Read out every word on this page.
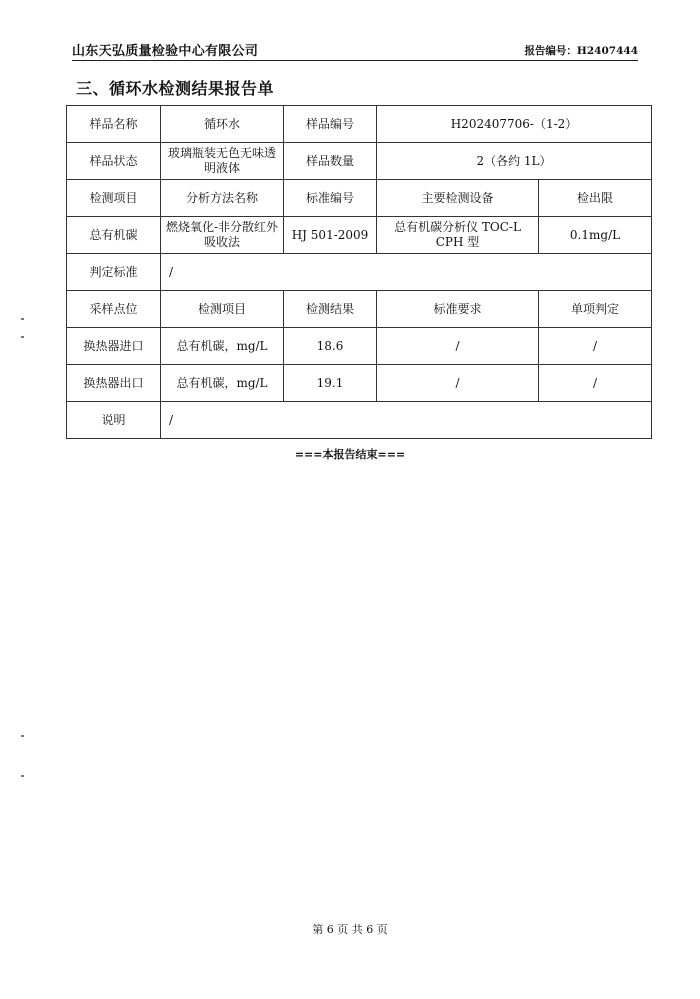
山东天弘质量检验中心有限公司	报告编号：H2407444
三、循环水检测结果报告单
样品名称	循环水	样品编号	H202407706-（1-2）	
样品状态	玻璃瓶装无色无味透明液体	样品数量	2（各约 1L）	
检测项目	分析方法名称	标准编号	主要检测设备	检出限
总有机碳	燃烧氧化-非分散红外吸收法	HJ 501-2009	总有机碳分析仪 TOC-L CPH 型	0.1mg/L
判定标准	/			
采样点位	检测项目	检测结果	标准要求	单项判定
换热器进口	总有机碳，mg/L	18.6	/	/
换热器出口	总有机碳，mg/L	19.1	/	/
说明	/			
===本报告结束===
第 6 页 共 6 页
